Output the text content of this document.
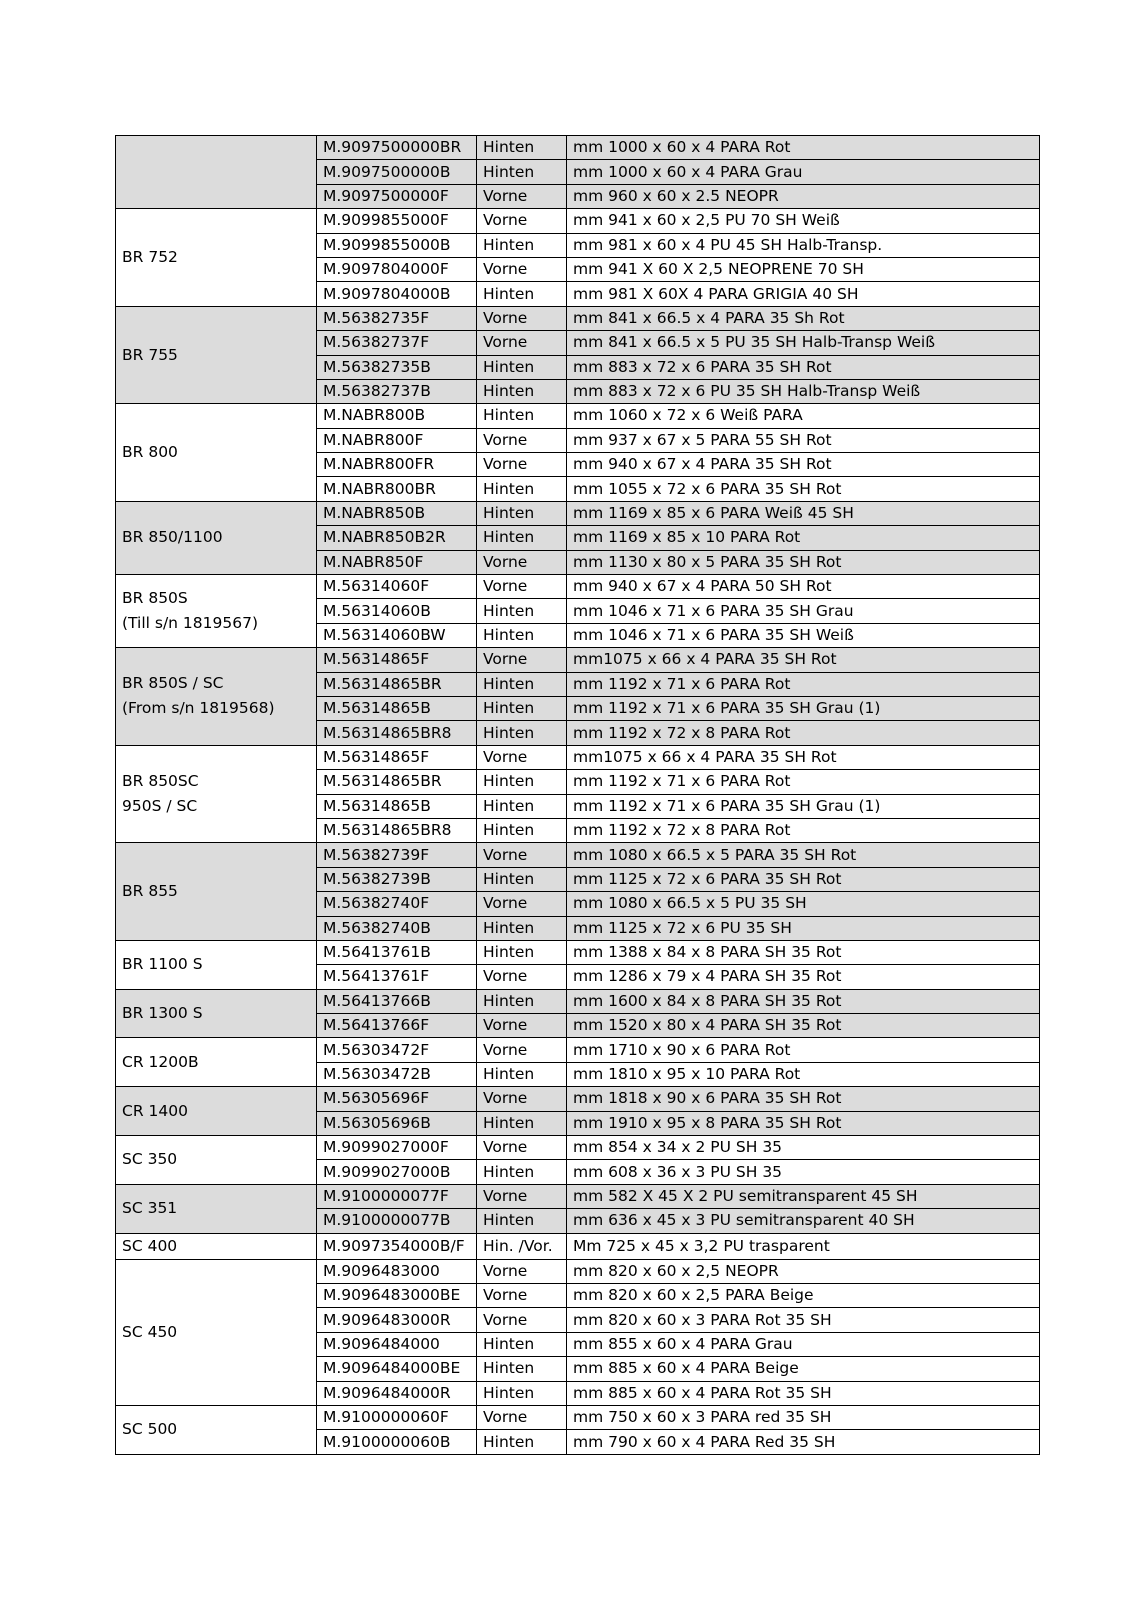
	M.9097500000BR	Hinten	mm 1000 x 60 x 4 PARA Rot
	M.9097500000B	Hinten	mm 1000 x 60 x 4 PARA Grau
	M.9097500000F	Vorne	mm 960 x 60 x 2.5 NEOPR

BR 752	M.9099855000F	Vorne	mm 941 x 60 x 2,5 PU 70 SH Weiß
	M.9099855000B	Hinten	mm 981 x 60 x 4 PU 45 SH Halb-Transp.
	M.9097804000F	Vorne	mm 941 X 60 X 2,5 NEOPRENE 70 SH
	M.9097804000B	Hinten	mm 981 X 60X 4 PARA GRIGIA 40 SH

BR 755	M.56382735F	Vorne	mm 841 x 66.5 x 4 PARA 35 Sh Rot
	M.56382737F	Vorne	mm 841 x 66.5 x 5 PU 35 SH Halb-Transp Weiß
	M.56382735B	Hinten	mm 883 x 72 x 6 PARA 35 SH Rot
	M.56382737B	Hinten	mm 883 x 72 x 6 PU 35 SH Halb-Transp Weiß

BR 800	M.NABR800B	Hinten	mm 1060 x 72 x 6 Weiß PARA
	M.NABR800F	Vorne	mm 937 x 67 x 5 PARA 55 SH Rot
	M.NABR800FR	Vorne	mm 940 x 67 x 4 PARA 35 SH Rot
	M.NABR800BR	Hinten	mm 1055 x 72 x 6 PARA 35 SH Rot

BR 850/1100	M.NABR850B	Hinten	mm 1169 x 85 x 6 PARA Weiß 45 SH
	M.NABR850B2R	Hinten	mm 1169 x 85 x 10 PARA Rot
	M.NABR850F	Vorne	mm 1130 x 80 x 5 PARA 35 SH Rot

BR 850S
(Till s/n 1819567)	M.56314060F	Vorne	mm 940 x 67 x 4 PARA 50 SH Rot
	M.56314060B	Hinten	mm 1046 x 71 x 6 PARA 35 SH Grau
	M.56314060BW	Hinten	mm 1046 x 71 x 6 PARA 35 SH Weiß

BR 850S / SC
(From s/n 1819568)	M.56314865F	Vorne	mm1075 x 66 x 4 PARA 35 SH Rot
	M.56314865BR	Hinten	mm 1192 x 71 x 6 PARA Rot
	M.56314865B	Hinten	mm 1192 x 71 x 6 PARA 35 SH Grau (1)
	M.56314865BR8	Hinten	mm 1192 x 72 x 8 PARA Rot

BR 850SC
950S / SC	M.56314865F	Vorne	mm1075 x 66 x 4 PARA 35 SH Rot
	M.56314865BR	Hinten	mm 1192 x 71 x 6 PARA Rot
	M.56314865B	Hinten	mm 1192 x 71 x 6 PARA 35 SH Grau (1)
	M.56314865BR8	Hinten	mm 1192 x 72 x 8 PARA Rot

BR 855	M.56382739F	Vorne	mm 1080 x 66.5 x 5 PARA 35 SH Rot
	M.56382739B	Hinten	mm 1125 x 72 x 6 PARA 35 SH Rot
	M.56382740F	Vorne	mm 1080 x 66.5 x 5 PU 35 SH
	M.56382740B	Hinten	mm 1125 x 72 x 6 PU 35 SH

BR 1100 S	M.56413761B	Hinten	mm 1388 x 84 x 8 PARA SH 35 Rot
	M.56413761F	Vorne	mm 1286 x 79 x 4 PARA SH 35 Rot

BR 1300 S	M.56413766B	Hinten	mm 1600 x 84 x 8 PARA SH 35 Rot
	M.56413766F	Vorne	mm 1520 x 80 x 4 PARA SH 35 Rot

CR 1200B	M.56303472F	Vorne	mm 1710 x 90 x 6 PARA Rot
	M.56303472B	Hinten	mm 1810 x 95 x 10 PARA Rot

CR 1400	M.56305696F	Vorne	mm 1818 x 90 x 6 PARA 35 SH Rot
	M.56305696B	Hinten	mm 1910 x 95 x 8 PARA 35 SH Rot

SC 350	M.9099027000F	Vorne	mm 854 x 34 x 2 PU SH 35
	M.9099027000B	Hinten	mm 608 x 36 x 3 PU SH 35

SC 351	M.9100000077F	Vorne	mm 582 X 45 X 2 PU semitransparent 45 SH
	M.9100000077B	Hinten	mm 636 x 45 x 3 PU semitransparent 40 SH

SC 400	M.9097354000B/F	Hin. /Vor.	Mm 725 x 45 x 3,2 PU trasparent

SC 450	M.9096483000	Vorne	mm 820 x 60 x 2,5 NEOPR
	M.9096483000BE	Vorne	mm 820 x 60 x 2,5 PARA Beige
	M.9096483000R	Vorne	mm 820 x 60 x 3 PARA Rot 35 SH
	M.9096484000	Hinten	mm 855 x 60 x 4 PARA Grau
	M.9096484000BE	Hinten	mm 885 x 60 x 4 PARA Beige
	M.9096484000R	Hinten	mm 885 x 60 x 4 PARA Rot 35 SH

SC 500	M.9100000060F	Vorne	mm 750 x 60 x 3 PARA red 35 SH
	M.9100000060B	Hinten	mm 790 x 60 x 4 PARA Red 35 SH
